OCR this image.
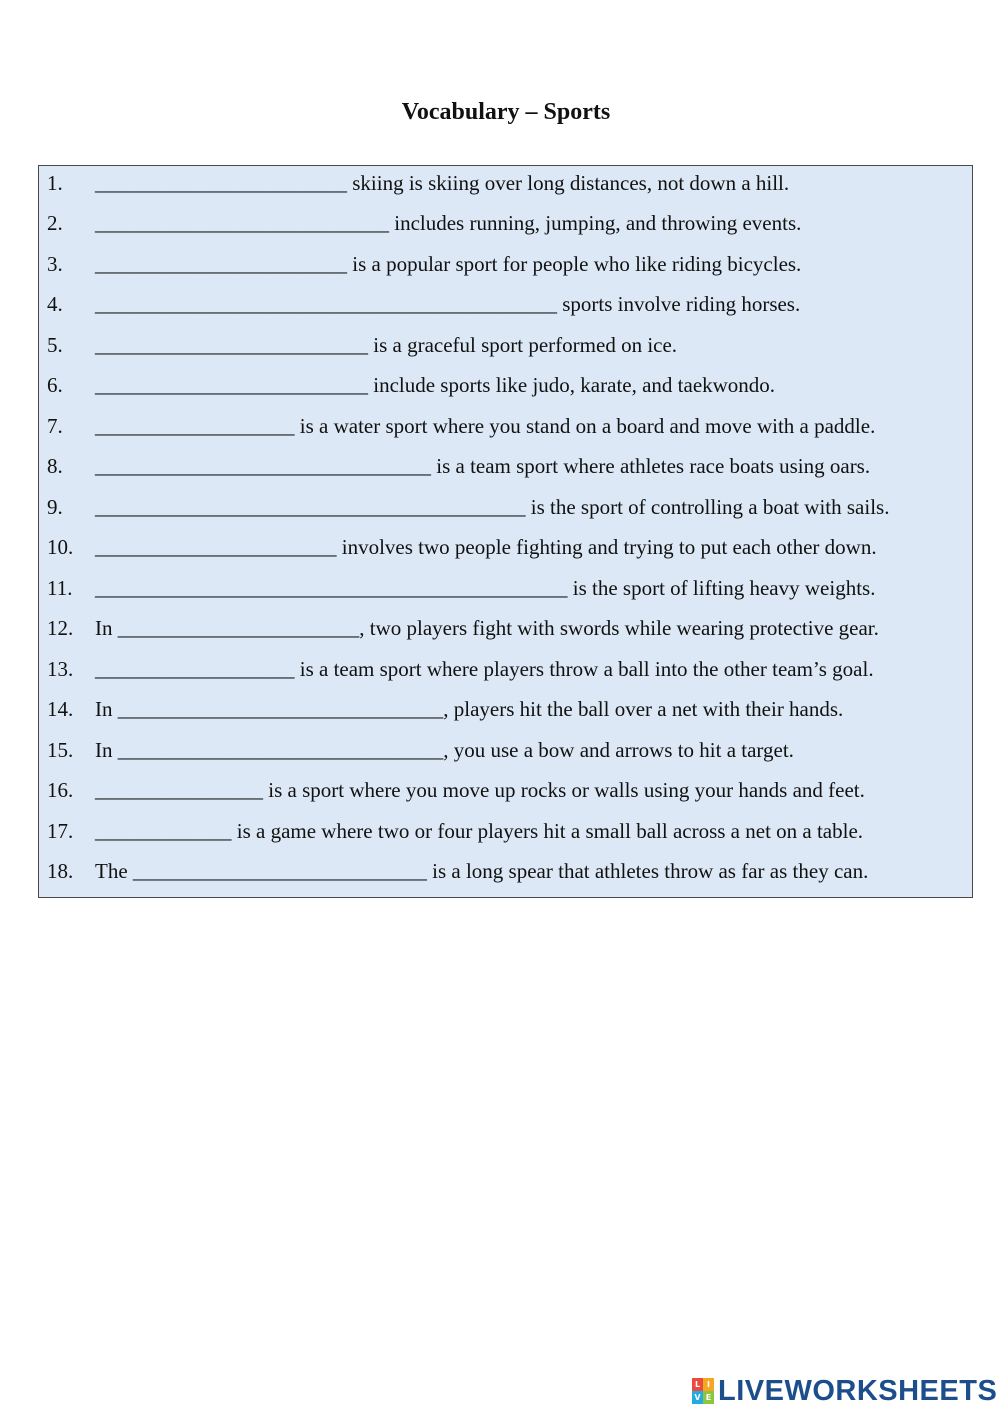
Vocabulary – Sports

1.

________________________ skiing is skiing over long distances, not down a hill.

2.

____________________________ includes running, jumping, and throwing events.

3.

________________________ is a popular sport for people who like riding bicycles.

4.

____________________________________________ sports involve riding horses.

5.

__________________________ is a graceful sport performed on ice.

6.

__________________________ include sports like judo, karate, and taekwondo.

7.

___________________ is a water sport where you stand on a board and move with a paddle.

8.

________________________________ is a team sport where athletes race boats using oars.

9.

_________________________________________ is the sport of controlling a boat with sails.

10.

_______________________ involves two people fighting and trying to put each other down.

11.

_____________________________________________ is the sport of lifting heavy weights.

12.

In _______________________, two players fight with swords while wearing protective gear.

13.

___________________ is a team sport where players throw a ball into the other team’s goal.

14.

In _______________________________, players hit the ball over a net with their hands.

15.

In _______________________________, you use a bow and arrows to hit a target.

16.

________________ is a sport where you move up rocks or walls using your hands and feet.

17.

_____________ is a game where two or four players hit a small ball across a net on a table.

18.

The ____________________________ is a long spear that athletes throw as far as they can.

L I
V E LIVEWORKSHEETS
